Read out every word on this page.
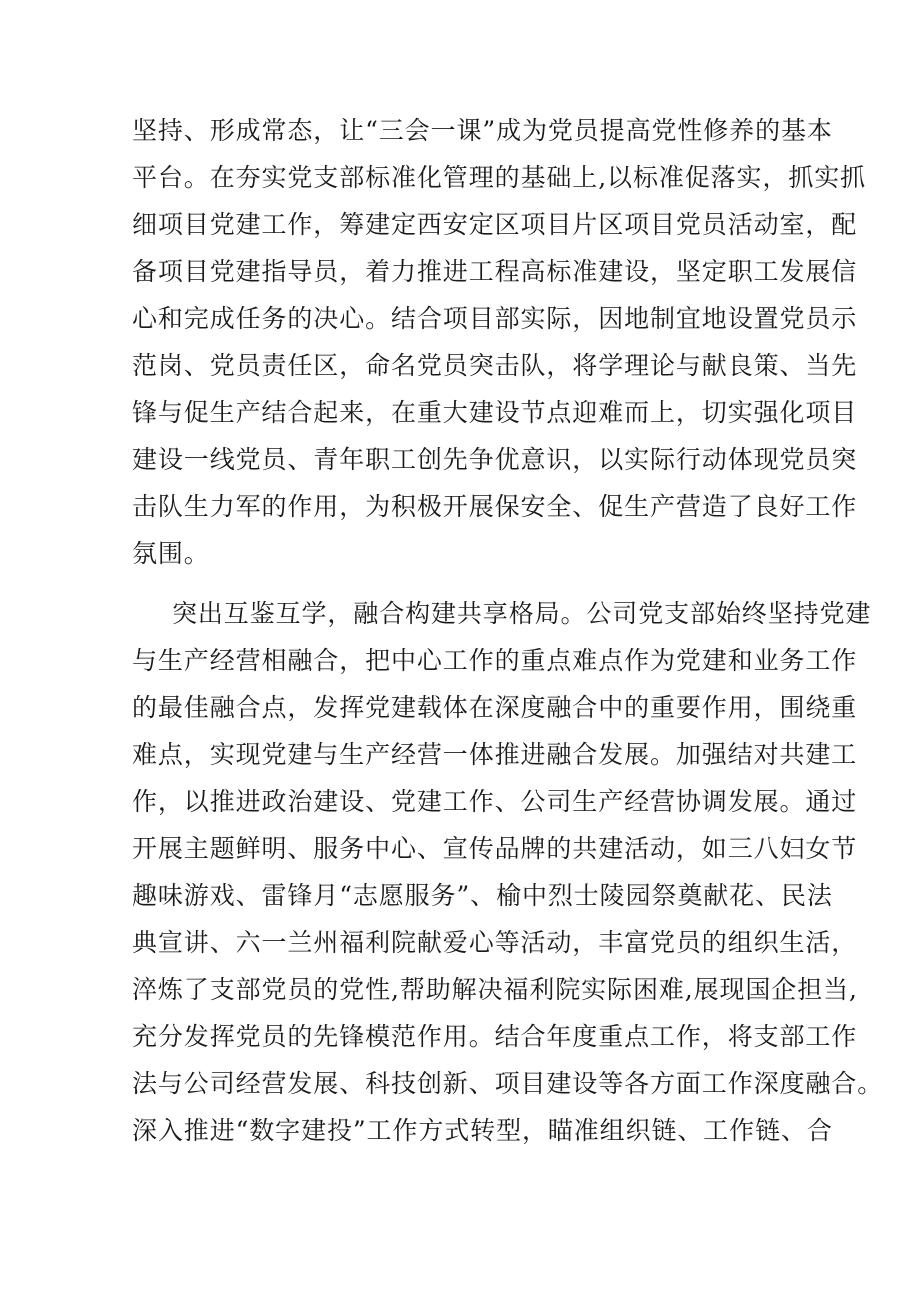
坚持、形成常态，让“三会一课”成为党员提高党性修养的基本
平台。在夯实党支部标准化管理的基础上,以标准促落实，抓实抓
细项目党建工作，筹建定西安定区项目片区项目党员活动室，配
备项目党建指导员，着力推进工程高标准建设，坚定职工发展信
心和完成任务的决心。结合项目部实际，因地制宜地设置党员示
范岗、党员责任区，命名党员突击队，将学理论与献良策、当先
锋与促生产结合起来，在重大建设节点迎难而上，切实强化项目
建设一线党员、青年职工创先争优意识，以实际行动体现党员突
击队生力军的作用，为积极开展保安全、促生产营造了良好工作
氛围。
突出互鉴互学，融合构建共享格局。公司党支部始终坚持党建
与生产经营相融合，把中心工作的重点难点作为党建和业务工作
的最佳融合点，发挥党建载体在深度融合中的重要作用，围绕重
难点，实现党建与生产经营一体推进融合发展。加强结对共建工
作，以推进政治建设、党建工作、公司生产经营协调发展。通过
开展主题鲜明、服务中心、宣传品牌的共建活动，如三八妇女节
趣味游戏、雷锋月“志愿服务”、榆中烈士陵园祭奠献花、民法
典宣讲、六一兰州福利院献爱心等活动，丰富党员的组织生活，
淬炼了支部党员的党性,帮助解决福利院实际困难,展现国企担当,
充分发挥党员的先锋模范作用。结合年度重点工作，将支部工作
法与公司经营发展、科技创新、项目建设等各方面工作深度融合。
深入推进“数字建投”工作方式转型，瞄准组织链、工作链、合
